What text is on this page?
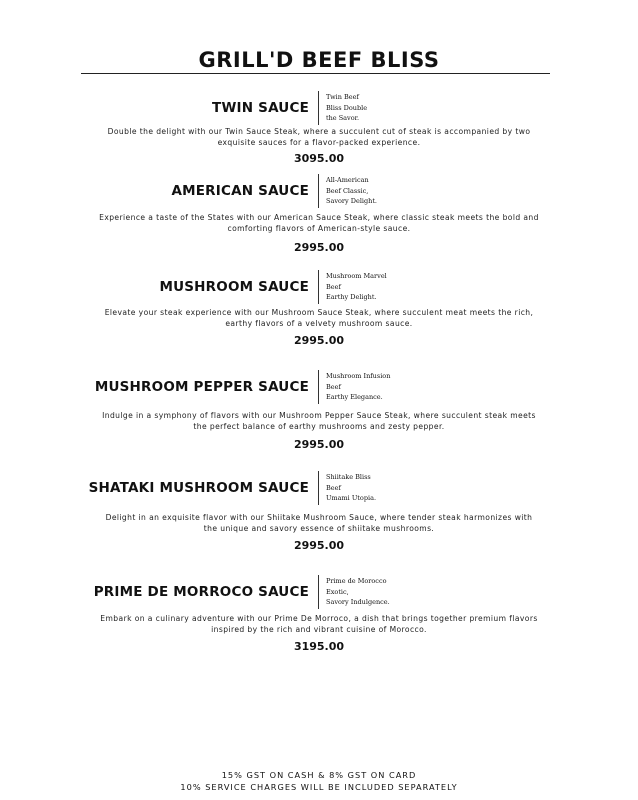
GRILL'D BEEF BLISS
TWIN SAUCE
Twin Beef
Bliss Double
the Savor.

Double the delight with our Twin Sauce Steak, where a succulent cut of steak is accompanied by two exquisite sauces for a flavor-packed experience.

3095.00

AMERICAN SAUCE
All-American
Beef Classic,
Savory Delight.

Experience a taste of the States with our American Sauce Steak, where classic steak meets the bold and comforting flavors of American-style sauce.

2995.00

MUSHROOM SAUCE
Mushroom Marvel
Beef
Earthy Delight.

Elevate your steak experience with our Mushroom Sauce Steak, where succulent meat meets the rich, earthy flavors of a velvety mushroom sauce.

2995.00

MUSHROOM PEPPER SAUCE
Mushroom Infusion
Beef
Earthy Elegance.

Indulge in a symphony of flavors with our Mushroom Pepper Sauce Steak, where succulent steak meets the perfect balance of earthy mushrooms and zesty pepper.

2995.00

SHATAKI MUSHROOM SAUCE
Shiitake Bliss
Beef
Umami Utopia.

Delight in an exquisite flavor with our Shiitake Mushroom Sauce, where tender steak harmonizes with the unique and savory essence of shiitake mushrooms.

2995.00

PRIME DE MORROCO SAUCE
Prime de Morocco
Exotic,
Savory Indulgence.

Embark on a culinary adventure with our Prime De Morroco, a dish that brings together premium flavors inspired by the rich and vibrant cuisine of Morocco.

3195.00

15% GST ON CASH & 8% GST ON CARD
10% SERVICE CHARGES WILL BE INCLUDED SEPARATELY
